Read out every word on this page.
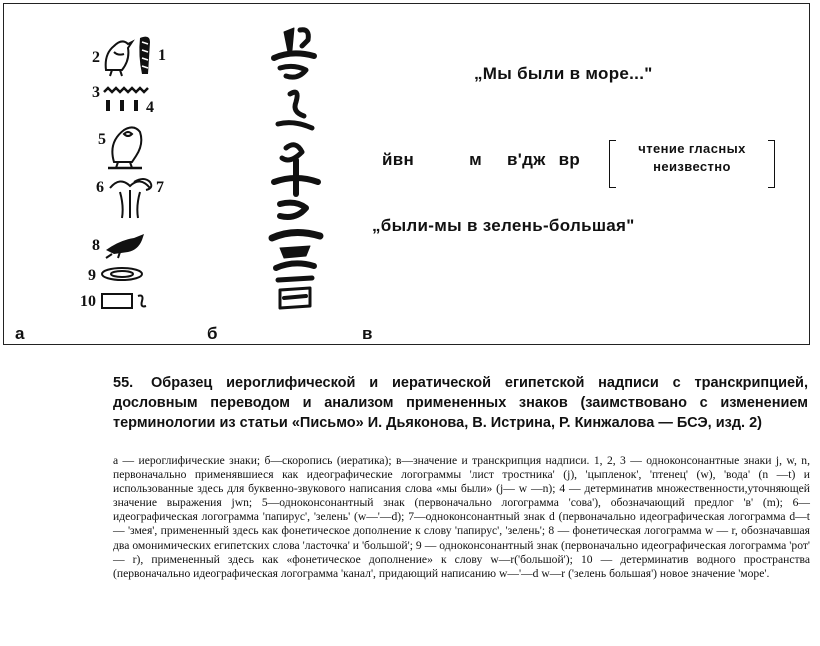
2	1
3
4
5
6	7
8
9
10
„Мы были в море..."
йвн	м в'дж вр
чтение гласных
неизвестно
„были-мы в зелень-большая"
а	б	в
55. Образец иероглифической и иератической египетской надписи с транскрипцией, дословным переводом и анализом примененных знаков (заимствовано с изменением терминологии из статьи «Письмо» И. Дьяконова, В. Истрина, Р. Кинжалова — БСЭ, изд. 2)

а — иероглифические знаки; б—скоропись (иератика); в—значение и транскрипция надписи. 1, 2, 3 — одноконсонантные знаки j, w, n, первоначально применявшиеся как идеографические логограммы 'лист тростника' (j), 'цыпленок', 'птенец' (w), 'вода' (n —t) и использованные здесь для буквенно-звукового написания слова «мы были» (j— w —n); 4 — детерминатив множественности,уточняющей значение выражения jwn; 5—одноконсонантный знак (первоначально логограмма 'сова'), обозначающий предлог 'в' (m); 6—идеографическая логограмма 'папирус', 'зелень' (w—'—d); 7—одноконсонантный знак d (первоначально идеографическая логограмма d—t — 'змея', примененный здесь как фонетическое дополнение к слову 'папирус', 'зелень'; 8 — фонетическая логограмма w — r, обозначавшая два омонимических египетских слова 'ласточка' и 'большой'; 9 — одноконсонантный знак (первоначально идеографическая логограмма 'рот' — r), примененный здесь как «фонетическое дополнение» к слову w—r('большой'); 10 — детерминатив водного пространства (первоначально идеографическая логограмма 'канал', придающий написанию w—'—d w—r ('зелень большая') новое значение 'море'.
